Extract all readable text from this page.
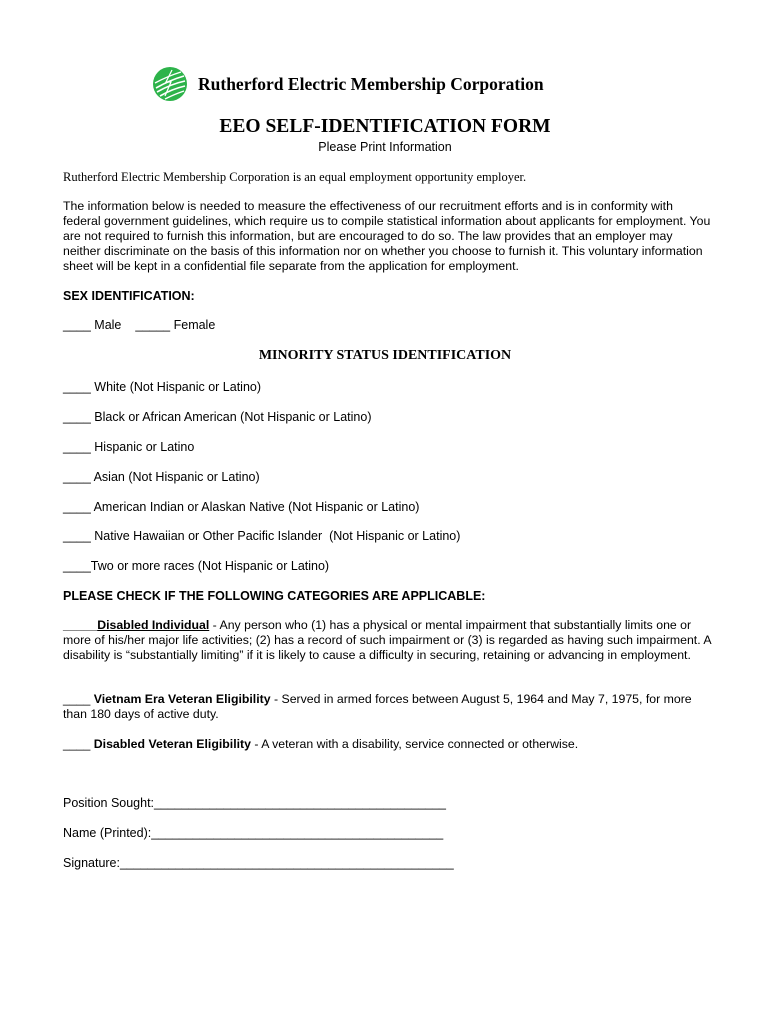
Rutherford Electric Membership Corporation
EEO SELF-IDENTIFICATION FORM
Please Print Information
Rutherford Electric Membership Corporation is an equal employment opportunity employer.
The information below is needed to measure the effectiveness of our recruitment efforts and is in conformity with federal government guidelines, which require us to compile statistical information about applicants for employment. You are not required to furnish this information, but are encouraged to do so. The law provides that an employer may neither discriminate on the basis of this information nor on whether you choose to furnish it. This voluntary information sheet will be kept in a confidential file separate from the application for employment.
SEX IDENTIFICATION:
____ Male _____ Female
MINORITY STATUS IDENTIFICATION
____ White (Not Hispanic or Latino)
____ Black or African American (Not Hispanic or Latino)
____ Hispanic or Latino
____ Asian (Not Hispanic or Latino)
____ American Indian or Alaskan Native (Not Hispanic or Latino)
____ Native Hawaiian or Other Pacific Islander  (Not Hispanic or Latino)
____Two or more races (Not Hispanic or Latino)
PLEASE CHECK IF THE FOLLOWING CATEGORIES ARE APPLICABLE:
_____Disabled Individual - Any person who (1) has a physical or mental impairment that substantially limits one or more of his/her major life activities; (2) has a record of such impairment or (3) is regarded as having such impairment. A disability is “substantially limiting” if it is likely to cause a difficulty in securing, retaining or advancing in employment.
____ Vietnam Era Veteran Eligibility - Served in armed forces between August 5, 1964 and May 7, 1975, for more than 180 days of active duty.
____ Disabled Veteran Eligibility - A veteran with a disability, service connected or otherwise.
Position Sought:__________________________________________
Name (Printed):__________________________________________
Signature:________________________________________________
